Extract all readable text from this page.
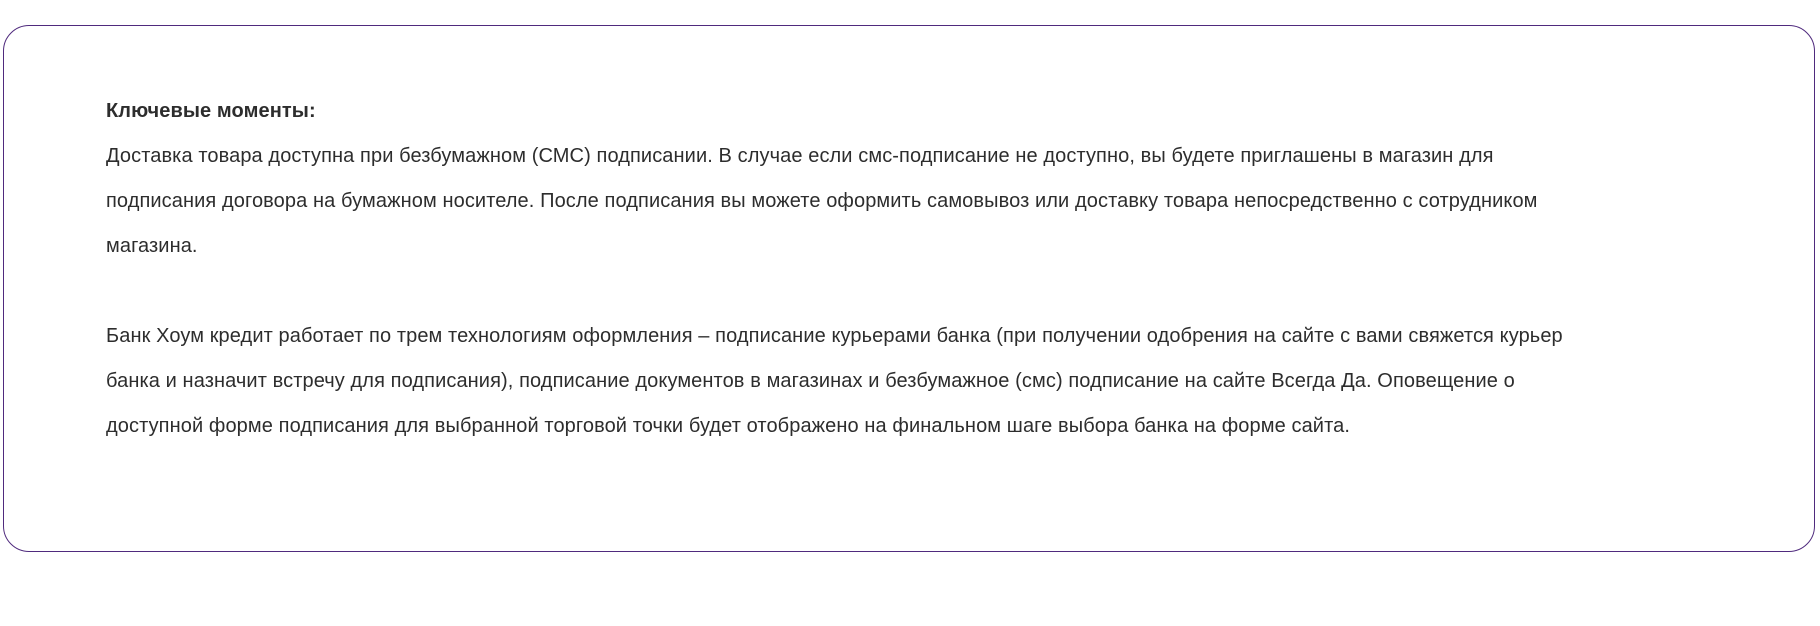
Ключевые моменты:

Доставка товара доступна при безбумажном (СМС) подписании. В случае если смс-подписание не доступно, вы будете приглашены в магазин для подписания договора на бумажном носителе. После подписания вы можете оформить самовывоз или доставку товара непосредственно с сотрудником магазина.

Банк Хоум кредит работает по трем технологиям оформления – подписание курьерами банка (при получении одобрения на сайте с вами свяжется курьер банка и назначит встречу для подписания), подписание документов в магазинах и безбумажное (смс) подписание на сайте Всегда Да. Оповещение о доступной форме подписания для выбранной торговой точки будет отображено на финальном шаге выбора банка на форме сайта.
